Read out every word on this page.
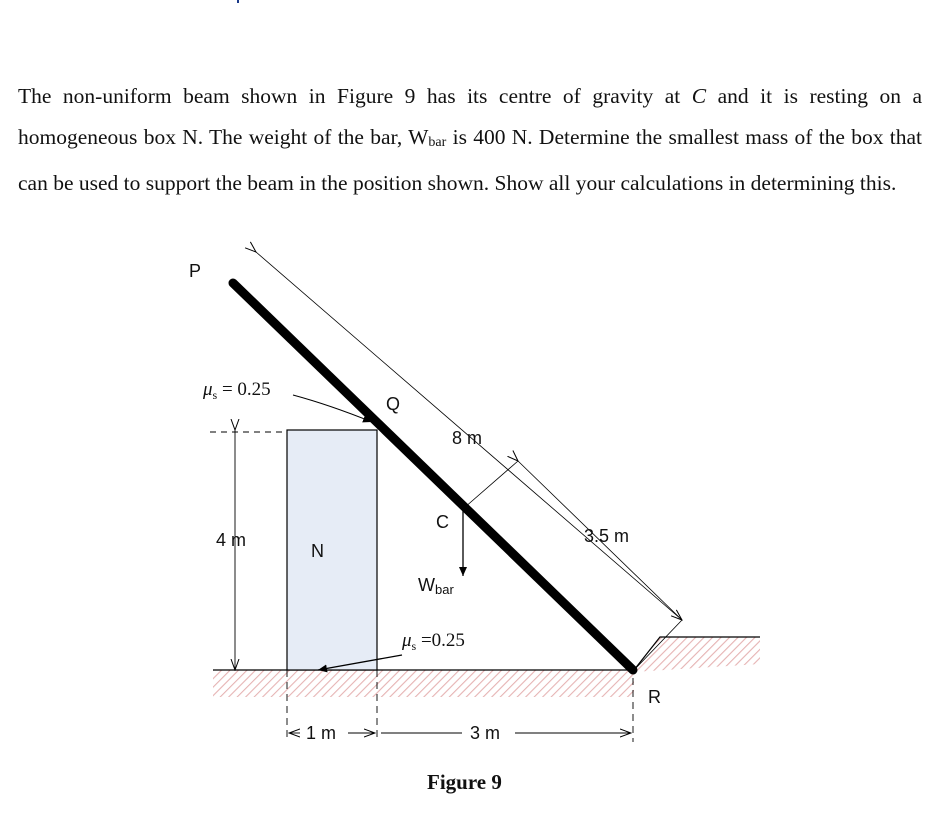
The non-uniform beam shown in Figure 9 has its centre of gravity at C and it is resting on a homogeneous box N. The weight of the bar, $W_{bar}$ is 400 N. Determine the smallest mass of the box that can be used to support the beam in the position shown. Show all your calculations in determining this.
P
Q
C
N
R
8 m
3.5 m
4 m
1 m	3 m
$\mu_s = 0.25$
$\mu_s =0.25$
Wbar
Figure 9
